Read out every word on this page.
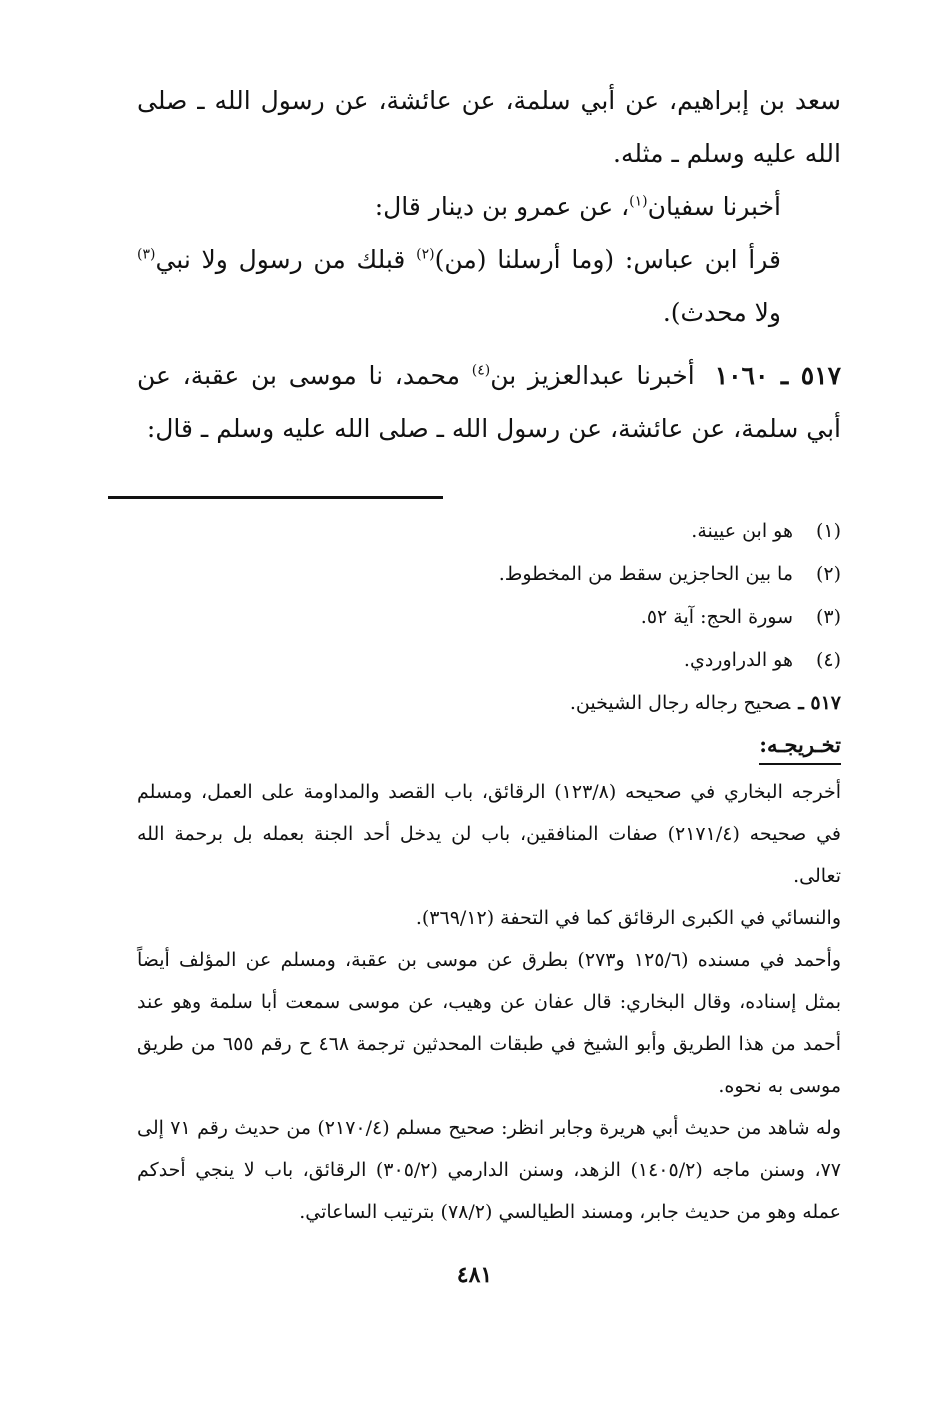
سعد بن إبراهيم، عن أبي سلمة، عن عائشة، عن رسول الله ـ صلى الله عليه وسلم ـ مثله.

أخبرنا سفيان$^{(١)}$، عن عمرو بن دينار قال:

قرأ ابن عباس: (وما أرسلنا (من)$^{(٢)}$ قبلك من رسول ولا نبي$^{(٣)}$ ولا محدث).

٥١٧ ـ ١٠٦٠أخبرنا عبدالعزيز بن$^{(٤)}$ محمد، نا موسى بن عقبة، عن أبي سلمة، عن عائشة، عن رسول الله ـ صلى الله عليه وسلم ـ قال:

(١)هو ابن عيينة.

(٢)ما بين الحاجزين سقط من المخطوط.

(٣)سورة الحج: آية ٥٢.

(٤)هو الدراوردي.

٥١٧ ـصحيح رجاله رجال الشيخين.

تخـريجـه:

أخرجه البخاري في صحيحه (١٢٣/٨) الرقائق، باب القصد والمداومة على العمل، ومسلم في صحيحه (٢١٧١/٤) صفات المنافقين، باب لن يدخل أحد الجنة بعمله بل برحمة الله تعالى.

والنسائي في الكبرى الرقائق كما في التحفة (٣٦٩/١٢).

وأحمد في مسنده (١٢٥/٦ و٢٧٣) بطرق عن موسى بن عقبة، ومسلم عن المؤلف أيضاً بمثل إسناده، وقال البخاري: قال عفان عن وهيب، عن موسى سمعت أبا سلمة وهو عند أحمد من هذا الطريق وأبو الشيخ في طبقات المحدثين ترجمة ٤٦٨ ح رقم ٦٥٥ من طريق موسى به نحوه.

وله شاهد من حديث أبي هريرة وجابر انظر: صحيح مسلم (٢١٧٠/٤) من حديث رقم ٧١ إلى ٧٧، وسنن ماجه (١٤٠٥/٢) الزهد، وسنن الدارمي (٣٠٥/٢) الرقائق، باب لا ينجي أحدكم عمله وهو من حديث جابر، ومسند الطيالسي (٧٨/٢) بترتيب الساعاتي.

٤٨١
